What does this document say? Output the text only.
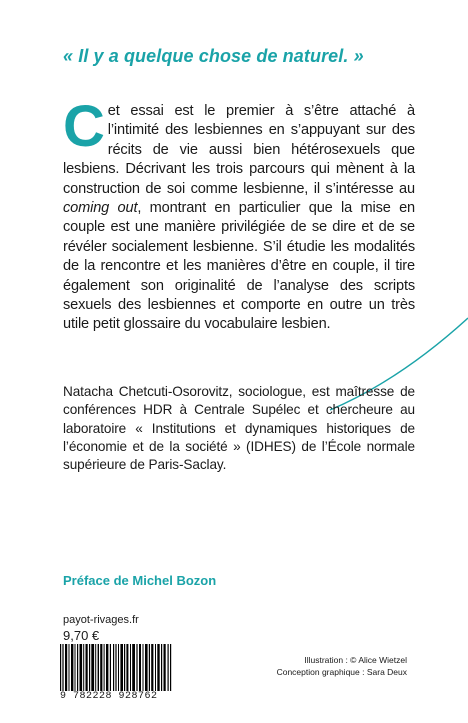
« Il y a quelque chose de naturel. »
Cet essai est le premier à s’être attaché à l’intimité des lesbiennes en s’appuyant sur des récits de vie aussi bien hétérosexuels que lesbiens. Décrivant les trois parcours qui mènent à la construction de soi comme lesbienne, il s’intéresse au coming out, montrant en particulier que la mise en couple est une manière privilégiée de se dire et de se révéler socialement lesbienne. S’il étudie les modalités de la rencontre et les manières d’être en couple, il tire également son originalité de l’analyse des scripts sexuels des lesbiennes et comporte en outre un très utile petit glossaire du vocabulaire lesbien.
Natacha Chetcuti-Osorovitz, sociologue, est maîtresse de conférences HDR à Centrale Supélec et chercheure au laboratoire « Institutions et dynamiques historiques de l’économie et de la société » (IDHES) de l’École normale supérieure de Paris-Saclay.
Préface de Michel Bozon
payot-rivages.fr
9,70 €
9 782228 928762
Illustration : © Alice Wietzel
Conception graphique : Sara Deux
